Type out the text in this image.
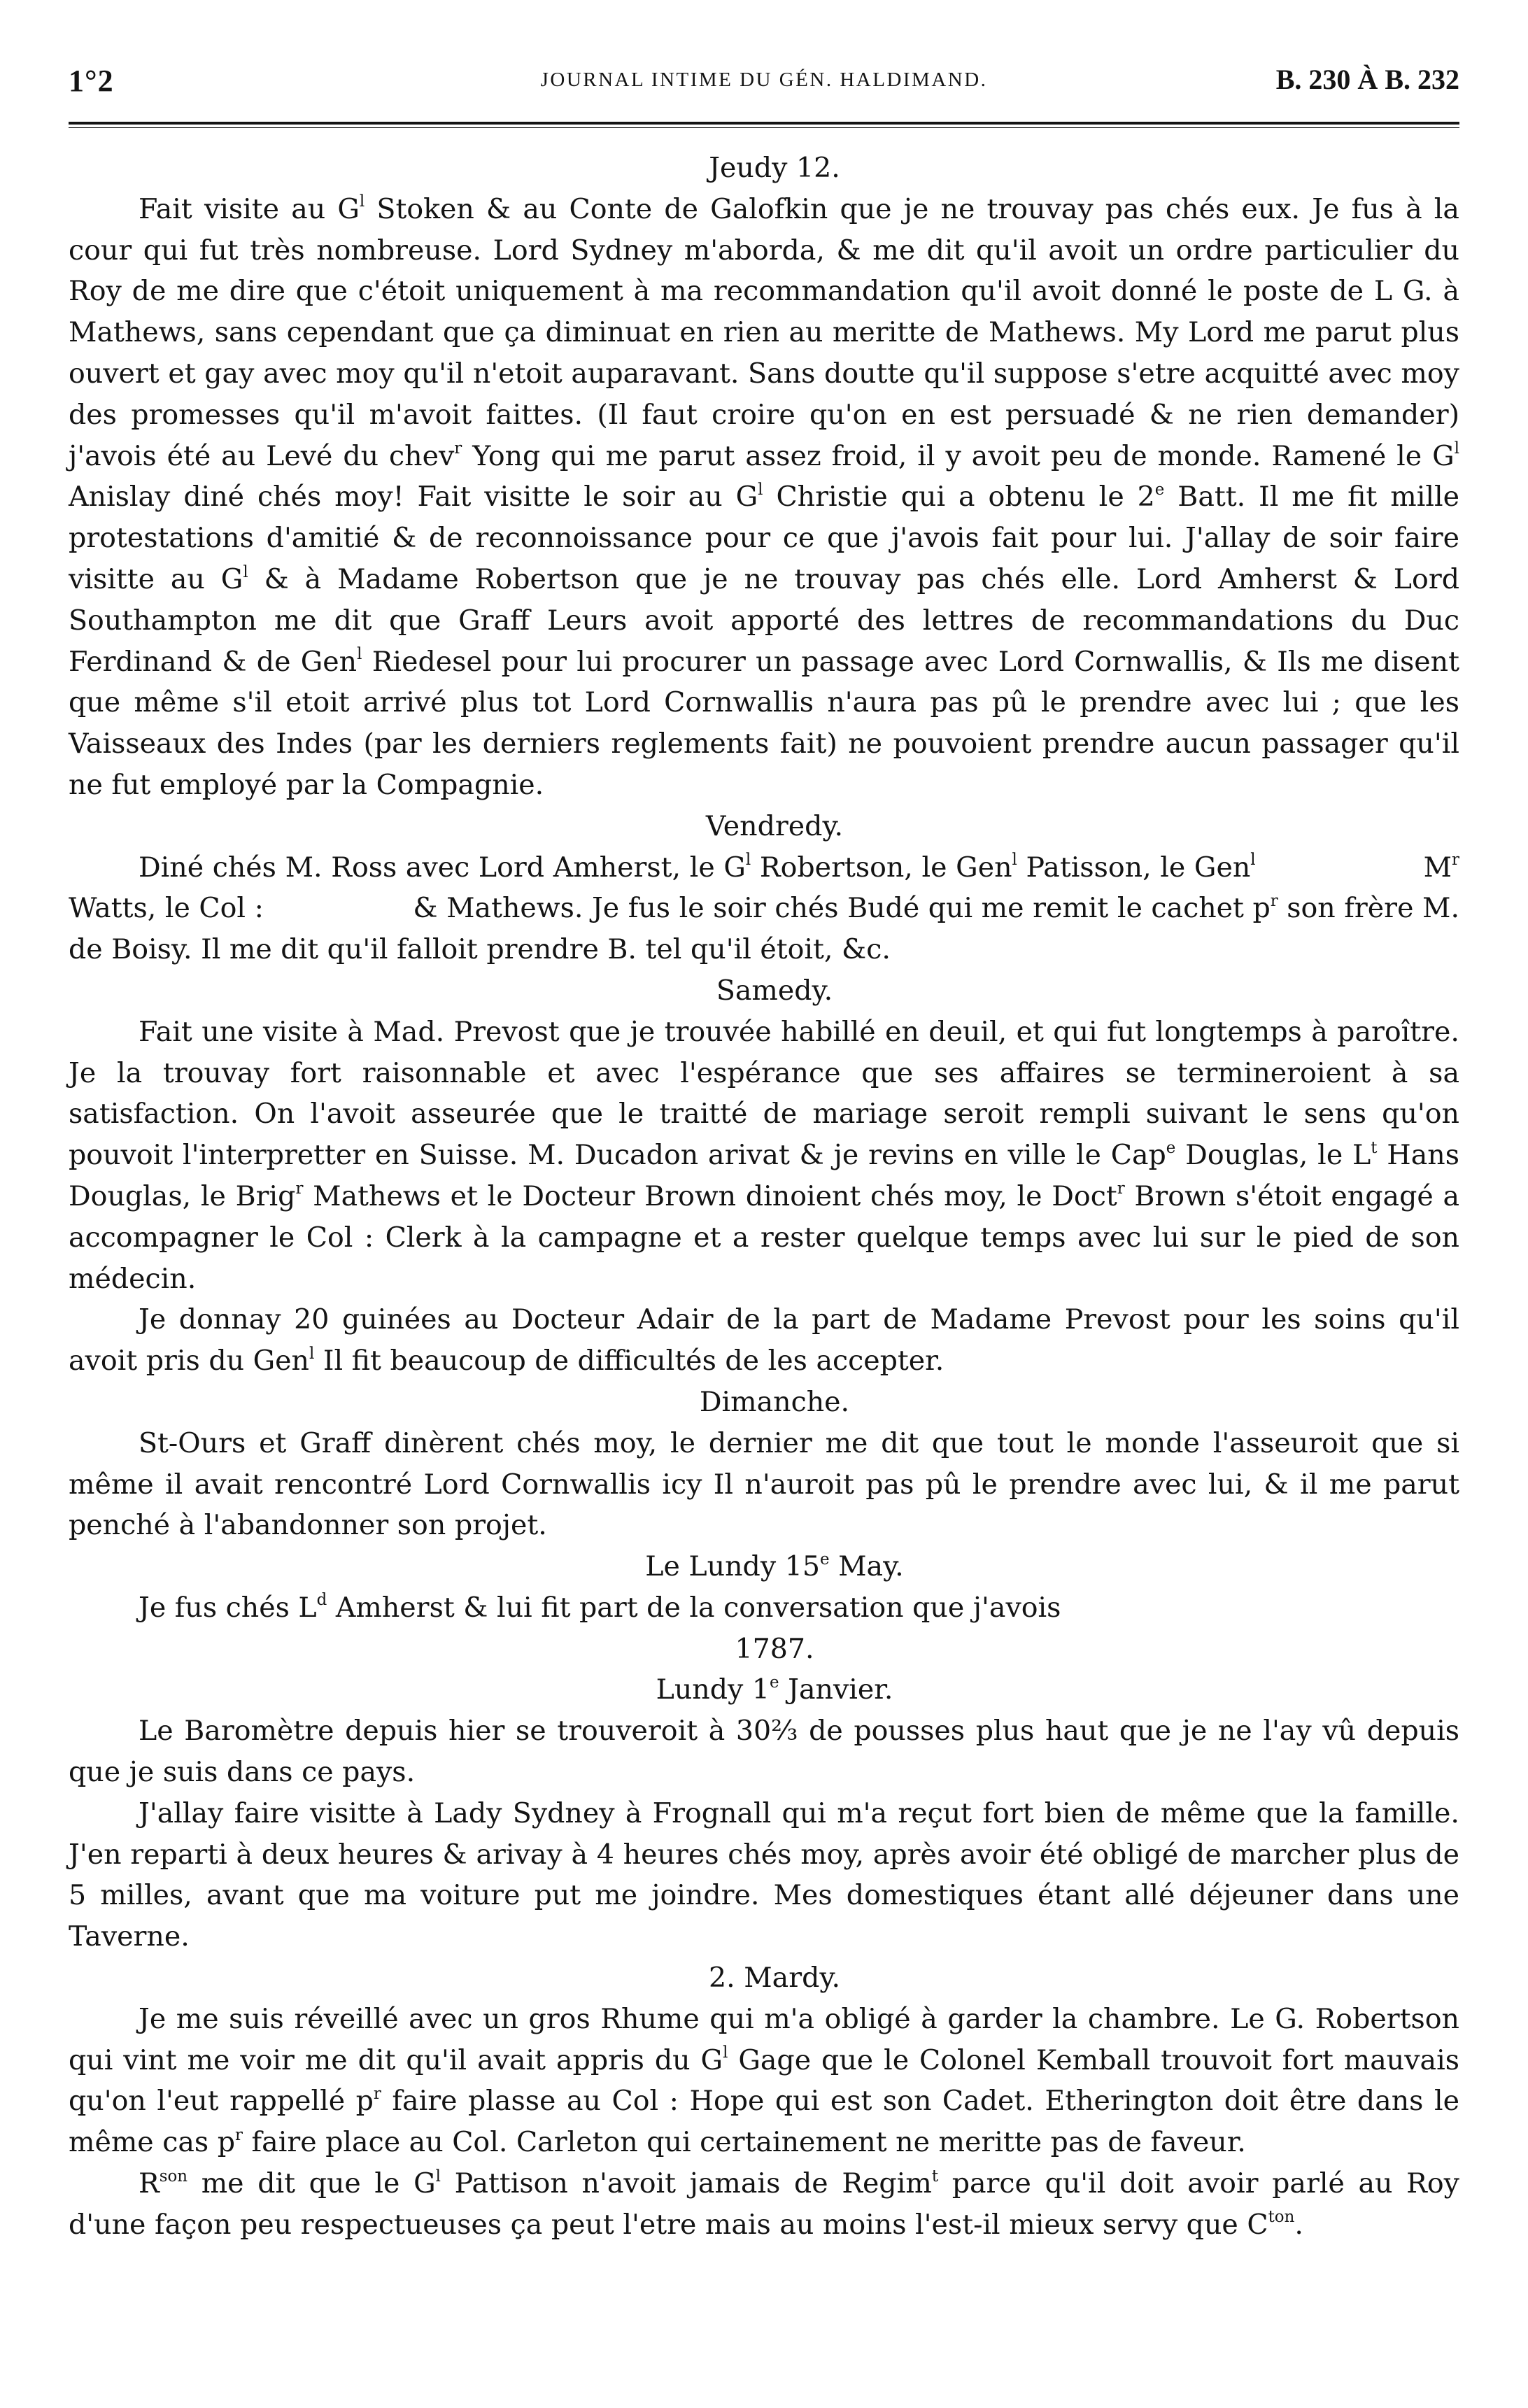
1°2	JOURNAL INTIME DU GÉN. HALDIMAND.	B. 230 À B. 232

Jeudy 12.

Fait visite au $G^l$ Stoken & au Conte de Galofkin que je ne trouvay pas chés eux. Je fus à la cour qui fut très nombreuse. Lord Sydney m'aborda, & me dit qu'il avoit un ordre particulier du Roy de me dire que c'étoit uniquement à ma recommandation qu'il avoit donné le poste de L G. à Mathews, sans cependant que ça diminuat en rien au meritte de Mathews. My Lord me parut plus ouvert et gay avec moy qu'il n'etoit auparavant. Sans doutte qu'il suppose s'etre acquitté avec moy des promesses qu'il m'avoit faittes. (Il faut croire qu'on en est persuadé & ne rien demander) j'avois été au Levé du chev$^r$ Yong qui me parut assez froid, il y avoit peu de monde. Ramené le $G^l$ Anislay diné chés moy! Fait visitte le soir au $G^l$ Christie qui a obtenu le 2e Batt. Il me fit mille protestations d'amitié & de reconnoissance pour ce que j'avois fait pour lui. J'allay de soir faire visitte au $G^l$ & à Madame Robertson que je ne trouvay pas chés elle. Lord Amherst & Lord Southampton me dit que Graff Leurs avoit apporté des lettres de recommandations du Duc Ferdinand & de Gen$^l$ Riedesel pour lui procurer un passage avec Lord Cornwallis, & Ils me disent que même s'il etoit arrivé plus tot Lord Cornwallis n'aura pas pû le prendre avec lui ; que les Vaisseaux des Indes (par les derniers reglements fait) ne pouvoient prendre aucun passager qu'il ne fut employé par la Compagnie.

Vendredy.

Diné chés M. Ross avec Lord Amherst, le $G^l$ Robertson, le Gen$^l$ Patisson, le Gen$^l$                   $M^r$ Watts, le Col :                 & Mathews. Je fus le soir chés Budé qui me remit le cachet $p^r$ son frère M. de Boisy. Il me dit qu'il falloit prendre B. tel qu'il étoit, &c.

Samedy.

Fait une visite à Mad. Prevost que je trouvée habillé en deuil, et qui fut longtemps à paroître. Je la trouvay fort raisonnable et avec l'espérance que ses affaires se termineroient à sa satisfaction. On l'avoit asseurée que le traitté de mariage seroit rempli suivant le sens qu'on pouvoit l'interpretter en Suisse. M. Ducadon arivat & je revins en ville le Cap$^e$ Douglas, le $L^t$ Hans Douglas, le Brig$^r$ Mathews et le Docteur Brown dinoient chés moy, le Doct$^r$ Brown s'étoit engagé a accompagner le Col : Clerk à la campagne et a rester quelque temps avec lui sur le pied de son médecin.

Je donnay 20 guinées au Docteur Adair de la part de Madame Prevost pour les soins qu'il avoit pris du Gen$^l$ Il fit beaucoup de difficultés de les accepter.

Dimanche.

St-Ours et Graff dinèrent chés moy, le dernier me dit que tout le monde l'asseuroit que si même il avait rencontré Lord Cornwallis icy Il n'auroit pas pû le prendre avec lui, & il me parut penché à l'abandonner son projet.

Le Lundy 15e May.

Je fus chés $L^d$ Amherst & lui fit part de la conversation que j'avois

1787.

Lundy 1e Janvier.

Le Baromètre depuis hier se trouveroit à 30⅔ de pousses plus haut que je ne l'ay vû depuis que je suis dans ce pays.

J'allay faire visitte à Lady Sydney à Frognall qui m'a reçut fort bien de même que la famille. J'en reparti à deux heures & arivay à 4 heures chés moy, après avoir été obligé de marcher plus de 5 milles, avant que ma voiture put me joindre. Mes domestiques étant allé déjeuner dans une Taverne.

2. Mardy.

Je me suis réveillé avec un gros Rhume qui m'a obligé à garder la chambre. Le G. Robertson qui vint me voir me dit qu'il avait appris du $G^l$ Gage que le Colonel Kemball trouvoit fort mauvais qu'on l'eut rappellé $p^r$ faire plasse au Col : Hope qui est son Cadet. Etherington doit être dans le même cas $p^r$ faire place au Col. Carleton qui certainement ne meritte pas de faveur.

$R^{son}$ me dit que le $G^l$ Pattison n'avoit jamais de Regim$^t$ parce qu'il doit avoir parlé au Roy d'une façon peu respectueuses ça peut l'etre mais au moins l'est-il mieux servy que $C^{ton}$.
